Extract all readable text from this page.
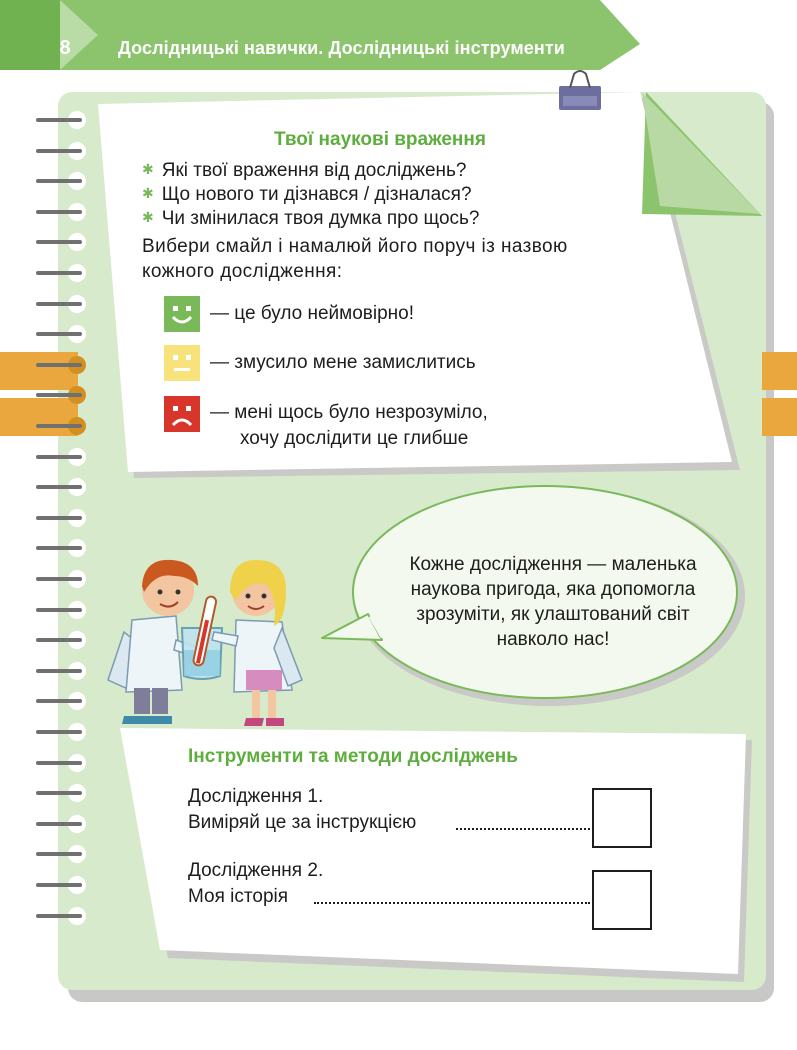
8	Дослідницькі навички. Дослідницькі інструменти
Твої наукові враження
✱ Які твої враження від досліджень?
✱ Що нового ти дізнався / дізналася?
✱ Чи змінилася твоя думка про щось?
Вибери смайл і намалюй його поруч із назвою
кожного дослідження:
— це було неймовірно!
— змусило мене замислитись
— мені щось було незрозуміло,
хочу дослідити це глибше
Кожне дослідження — маленька
наукова пригода, яка допомогла
зрозуміти, як улаштований світ
навколо нас!
Інструменти та методи досліджень
Дослідження 1.
Виміряй це за інструкцією
Дослідження 2.
Моя історія
